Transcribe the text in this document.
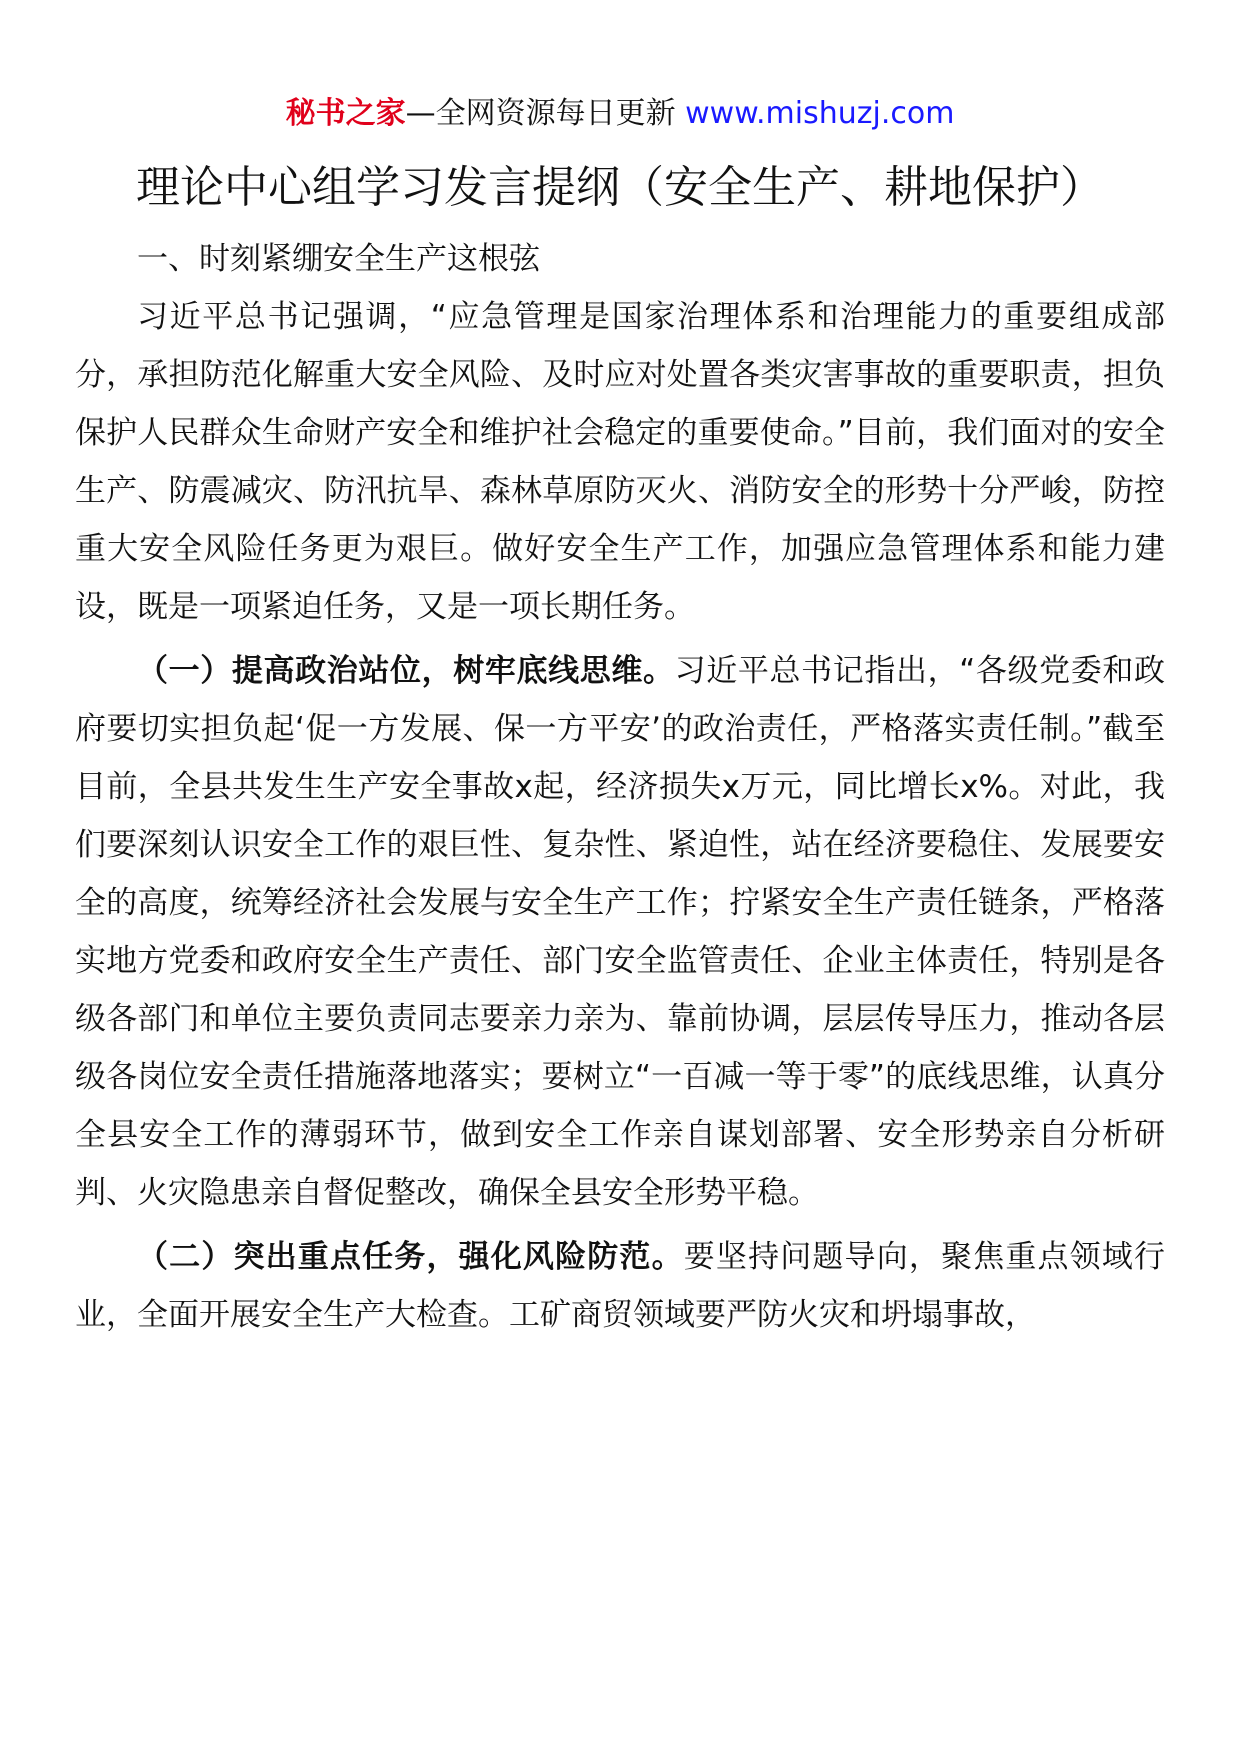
秘书之家—全网资源每日更新 www.mishuzj.com
理论中心组学习发言提纲（安全生产、耕地保护）

一、时刻紧绷安全生产这根弦

习近平总书记强调，“应急管理是国家治理体系和治理能力的重要组成部分，承担防范化解重大安全风险、及时应对处置各类灾害事故的重要职责，担负保护人民群众生命财产安全和维护社会稳定的重要使命。”目前，我们面对的安全生产、防震减灾、防汛抗旱、森林草原防灭火、消防安全的形势十分严峻，防控重大安全风险任务更为艰巨。做好安全生产工作，加强应急管理体系和能力建设，既是一项紧迫任务，又是一项长期任务。

（一）提高政治站位，树牢底线思维。习近平总书记指出，“各级党委和政府要切实担负起‘促一方发展、保一方平安’的政治责任，严格落实责任制。”截至目前，全县共发生生产安全事故x起，经济损失x万元，同比增长x%。对此，我们要深刻认识安全工作的艰巨性、复杂性、紧迫性，站在经济要稳住、发展要安全的高度，统筹经济社会发展与安全生产工作；拧紧安全生产责任链条，严格落实地方党委和政府安全生产责任、部门安全监管责任、企业主体责任，特别是各级各部门和单位主要负责同志要亲力亲为、靠前协调，层层传导压力，推动各层级各岗位安全责任措施落地落实；要树立“一百减一等于零”的底线思维，认真分全县安全工作的薄弱环节，做到安全工作亲自谋划部署、安全形势亲自分析研判、火灾隐患亲自督促整改，确保全县安全形势平稳。

（二）突出重点任务，强化风险防范。要坚持问题导向，聚焦重点领域行业，全面开展安全生产大检查。工矿商贸领域要严防火灾和坍塌事故，
